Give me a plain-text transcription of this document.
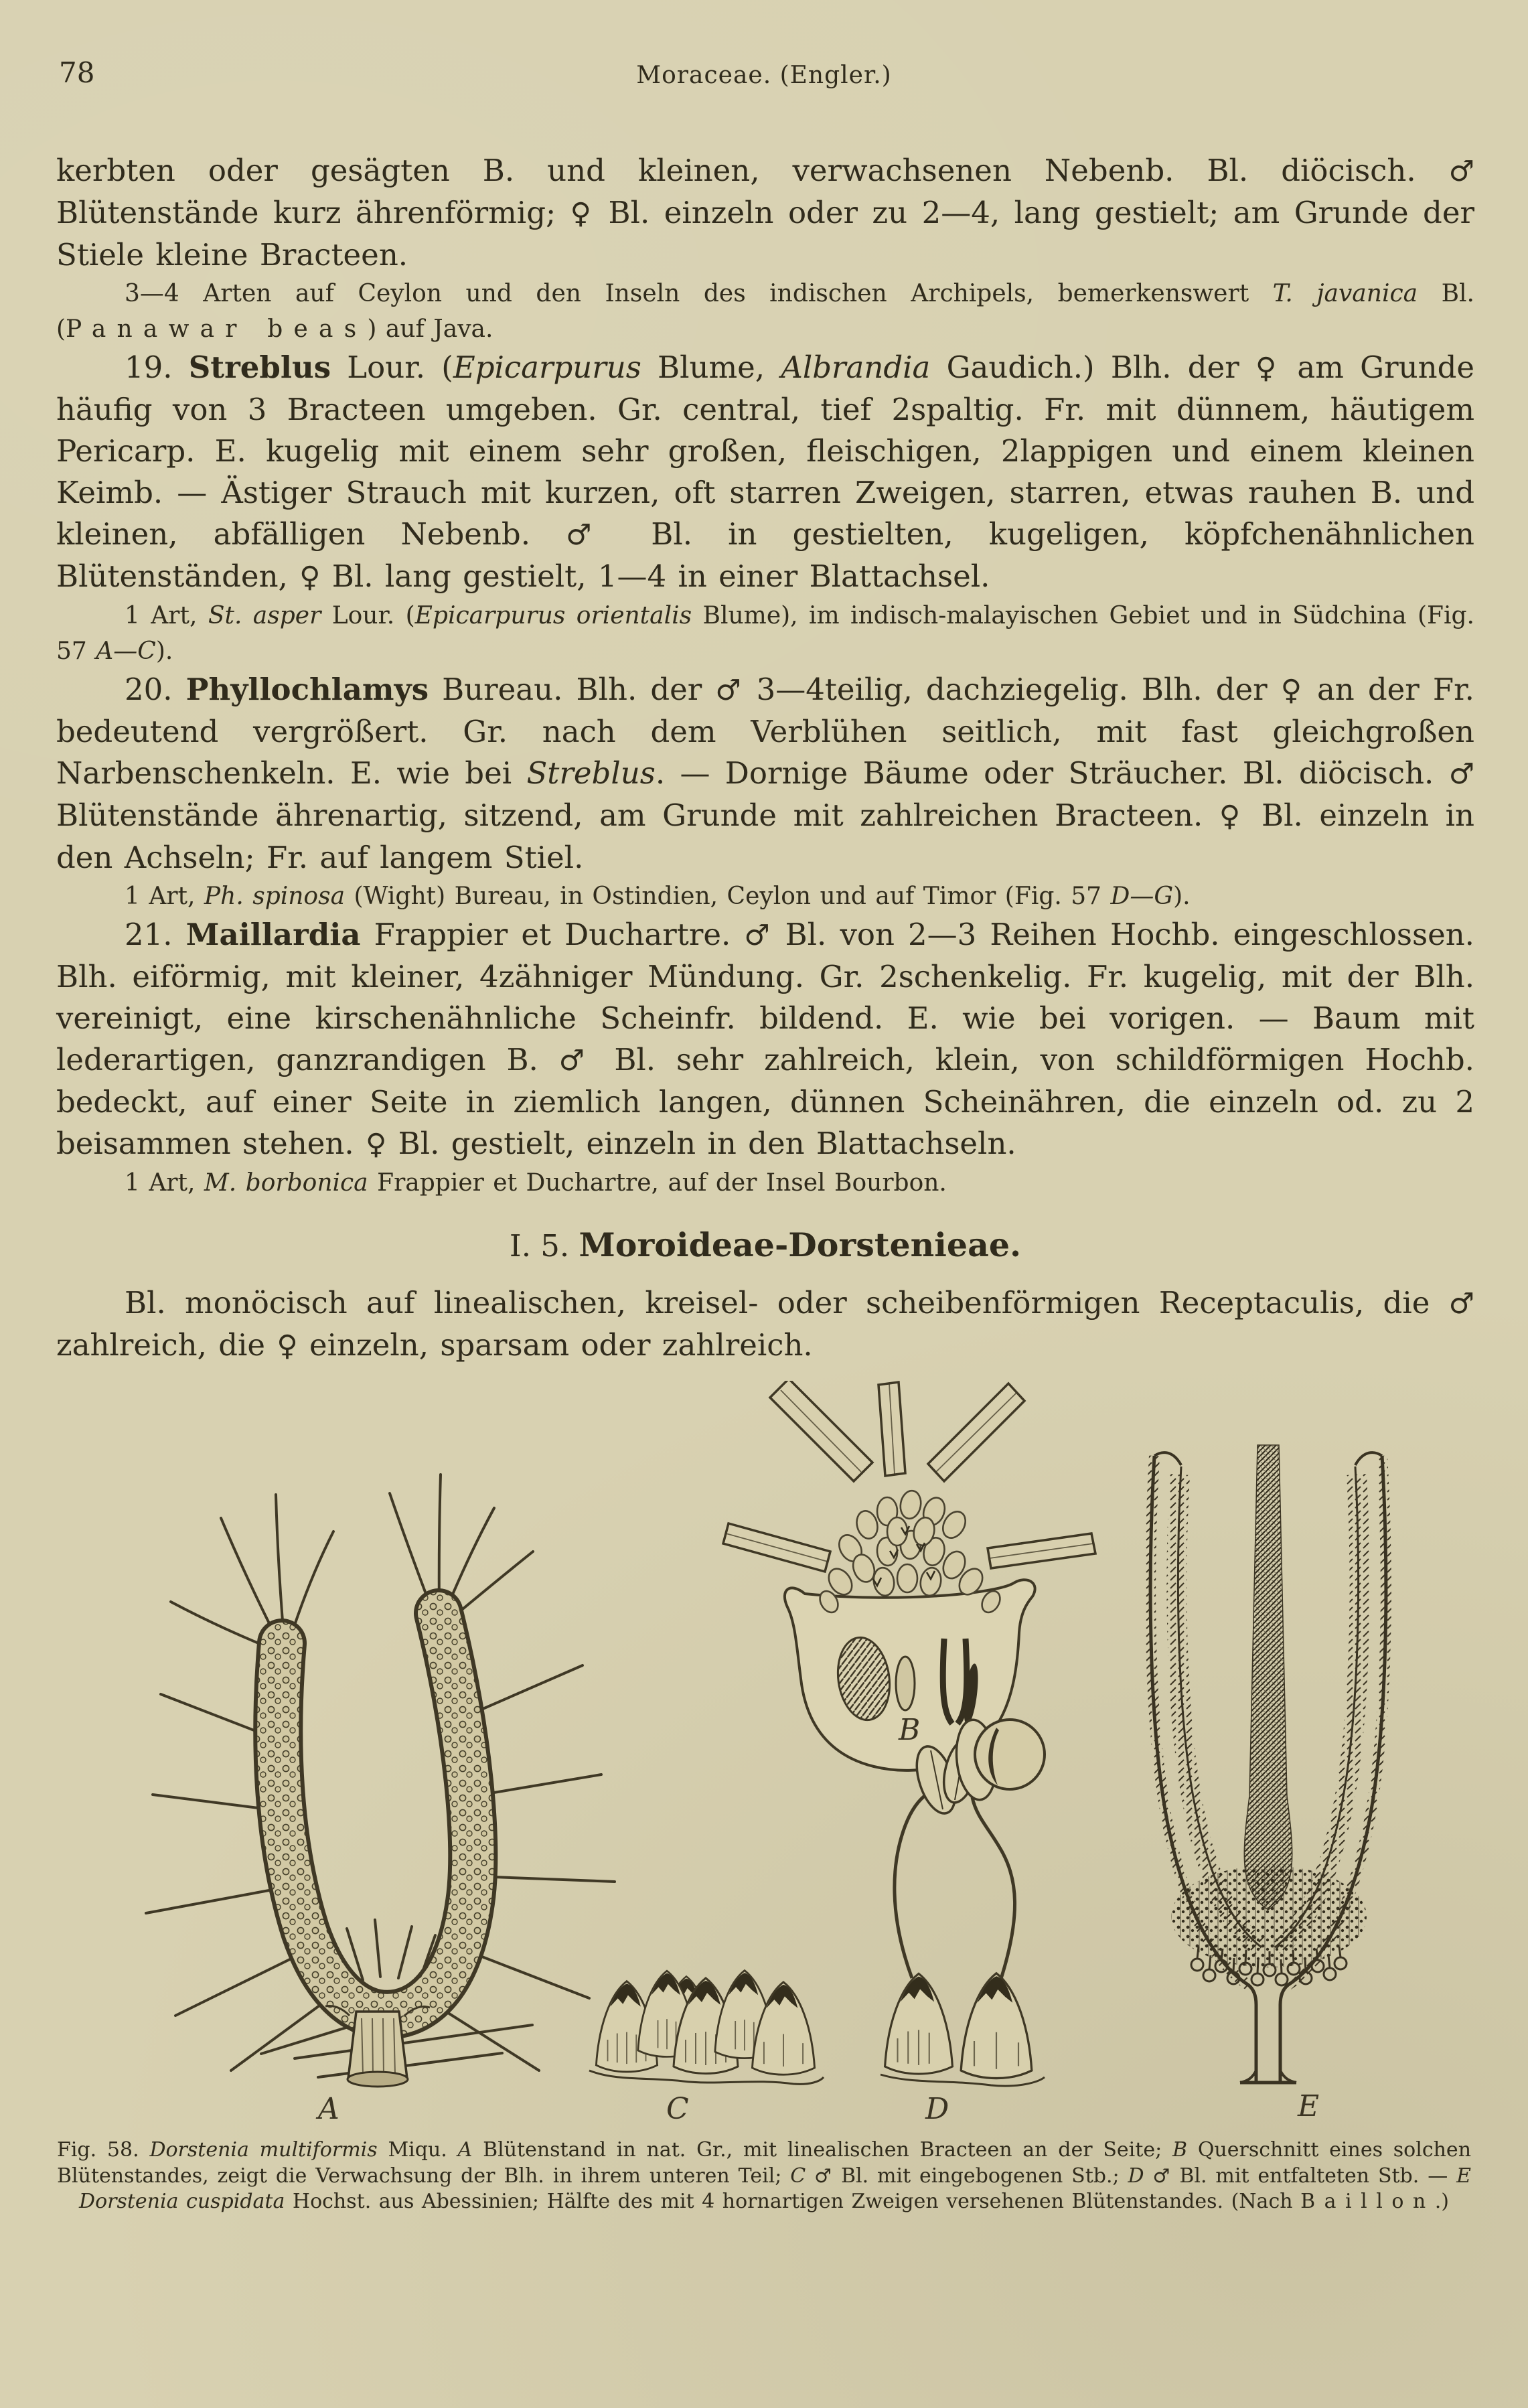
78	Moraceae. (Engler.)

kerbten oder gesägten B. und kleinen, verwachsenen Nebenb. Bl. diöcisch. ♂ Blütenstände kurz ährenförmig; ♀ Bl. einzeln oder zu 2—4, lang gestielt; am Grunde der Stiele kleine Bracteen.

3—4 Arten auf Ceylon und den Inseln des indischen Archipels, bemerkenswert T. javanica Bl. (Panawar beas) auf Java.

19. Streblus Lour. (Epicarpurus Blume, Albrandia Gaudich.) Blh. der ♀ am Grunde häufig von 3 Bracteen umgeben. Gr. central, tief 2spaltig. Fr. mit dünnem, häutigem Pericarp. E. kugelig mit einem sehr großen, fleischigen, 2lappigen und einem kleinen Keimb. — Ästiger Strauch mit kurzen, oft starren Zweigen, starren, etwas rauhen B. und kleinen, abfälligen Nebenb. ♂ Bl. in gestielten, kugeligen, köpfchenähnlichen Blütenständen, ♀ Bl. lang gestielt, 1—4 in einer Blattachsel.

1 Art, St. asper Lour. (Epicarpurus orientalis Blume), im indisch-malayischen Gebiet und in Südchina (Fig. 57 A—C).

20. Phyllochlamys Bureau. Blh. der ♂ 3—4teilig, dachziegelig. Blh. der ♀ an der Fr. bedeutend vergrößert. Gr. nach dem Verblühen seitlich, mit fast gleichgroßen Narbenschenkeln. E. wie bei Streblus. — Dornige Bäume oder Sträucher. Bl. diöcisch. ♂ Blütenstände ährenartig, sitzend, am Grunde mit zahlreichen Bracteen. ♀ Bl. einzeln in den Achseln; Fr. auf langem Stiel.

1 Art, Ph. spinosa (Wight) Bureau, in Ostindien, Ceylon und auf Timor (Fig. 57 D—G).

21. Maillardia Frappier et Duchartre. ♂ Bl. von 2—3 Reihen Hochb. eingeschlossen. Blh. eiförmig, mit kleiner, 4zähniger Mündung. Gr. 2schenkelig. Fr. kugelig, mit der Blh. vereinigt, eine kirschenähnliche Scheinfr. bildend. E. wie bei vorigen. — Baum mit lederartigen, ganzrandigen B. ♂ Bl. sehr zahlreich, klein, von schildförmigen Hochb. bedeckt, auf einer Seite in ziemlich langen, dünnen Scheinähren, die einzeln od. zu 2 beisammen stehen. ♀ Bl. gestielt, einzeln in den Blattachseln.

1 Art, M. borbonica Frappier et Duchartre, auf der Insel Bourbon.

I. 5. Moroideae-Dorstenieae.

Bl. monöcisch auf linealischen, kreisel- oder scheibenförmigen Receptaculis, die ♂ zahlreich, die ♀ einzeln, sparsam oder zahlreich.

A
B
C	D	E
Fig. 58. Dorstenia multiformis Miqu. A Blütenstand in nat. Gr., mit linealischen Bracteen an der Seite; B Querschnitt eines solchen Blütenstandes, zeigt die Verwachsung der Blh. in ihrem unteren Teil; C ♂ Bl. mit eingebogenen Stb.; D ♂ Bl. mit entfalteten Stb. — E Dorstenia cuspidata Hochst. aus Abessinien; Hälfte des mit 4 hornartigen Zweigen versehenen Blütenstandes. (Nach Baillon.)
